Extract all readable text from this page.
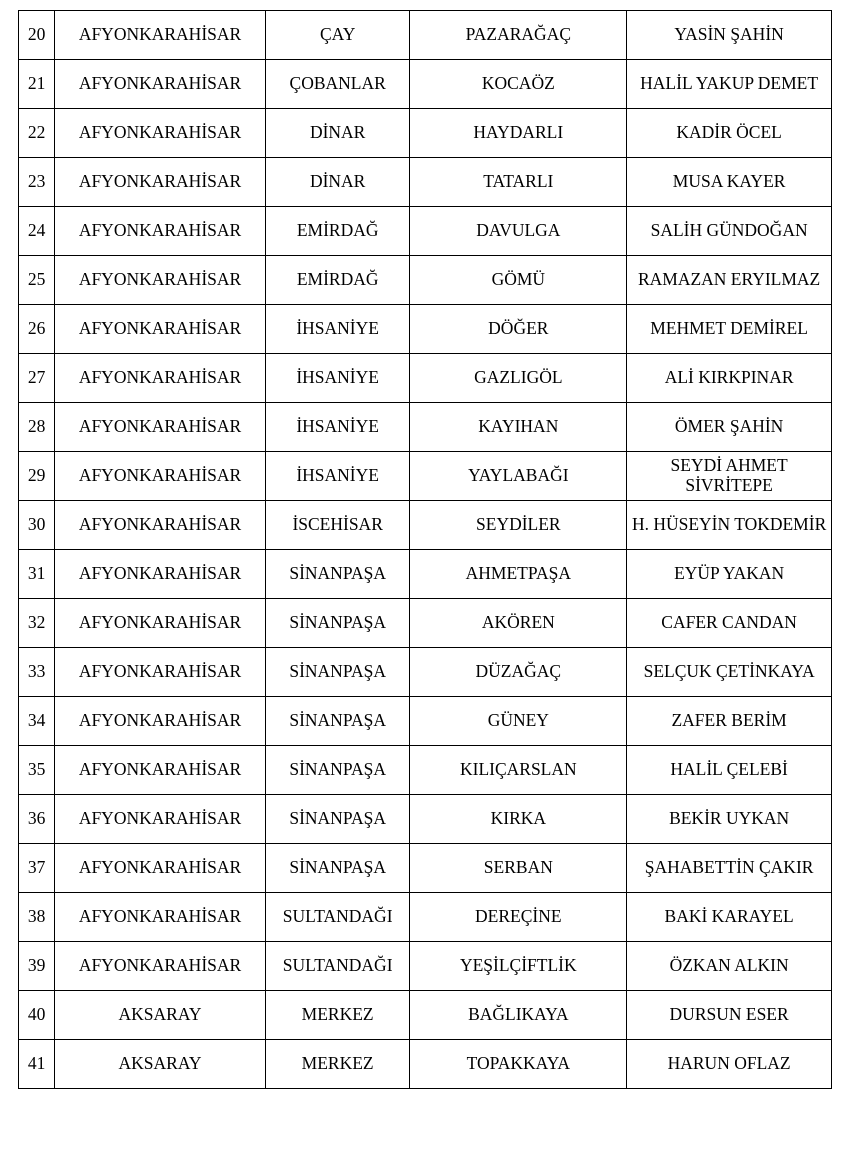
20	AFYONKARAHİSAR	ÇAY	PAZARAĞAÇ	YASİN ŞAHİN
21	AFYONKARAHİSAR	ÇOBANLAR	KOCAÖZ	HALİL YAKUP DEMET
22	AFYONKARAHİSAR	DİNAR	HAYDARLI	KADİR ÖCEL
23	AFYONKARAHİSAR	DİNAR	TATARLI	MUSA KAYER
24	AFYONKARAHİSAR	EMİRDAĞ	DAVULGA	SALİH GÜNDOĞAN
25	AFYONKARAHİSAR	EMİRDAĞ	GÖMÜ	RAMAZAN ERYILMAZ
26	AFYONKARAHİSAR	İHSANİYE	DÖĞER	MEHMET DEMİREL
27	AFYONKARAHİSAR	İHSANİYE	GAZLIGÖL	ALİ KIRKPINAR
28	AFYONKARAHİSAR	İHSANİYE	KAYIHAN	ÖMER ŞAHİN
29	AFYONKARAHİSAR	İHSANİYE	YAYLABAĞI	SEYDİ AHMET SİVRİTEPE
30	AFYONKARAHİSAR	İSCEHİSAR	SEYDİLER	H. HÜSEYİN TOKDEMİR
31	AFYONKARAHİSAR	SİNANPAŞA	AHMETPAŞA	EYÜP YAKAN
32	AFYONKARAHİSAR	SİNANPAŞA	AKÖREN	CAFER CANDAN
33	AFYONKARAHİSAR	SİNANPAŞA	DÜZAĞAÇ	SELÇUK ÇETİNKAYA
34	AFYONKARAHİSAR	SİNANPAŞA	GÜNEY	ZAFER BERİM
35	AFYONKARAHİSAR	SİNANPAŞA	KILIÇARSLAN	HALİL ÇELEBİ
36	AFYONKARAHİSAR	SİNANPAŞA	KIRKA	BEKİR UYKAN
37	AFYONKARAHİSAR	SİNANPAŞA	SERBAN	ŞAHABETTİN ÇAKIR
38	AFYONKARAHİSAR	SULTANDAĞI	DEREÇİNE	BAKİ KARAYEL
39	AFYONKARAHİSAR	SULTANDAĞI	YEŞİLÇİFTLİK	ÖZKAN ALKIN
40	AKSARAY	MERKEZ	BAĞLIKAYA	DURSUN ESER
41	AKSARAY	MERKEZ	TOPAKKAYA	HARUN OFLAZ
